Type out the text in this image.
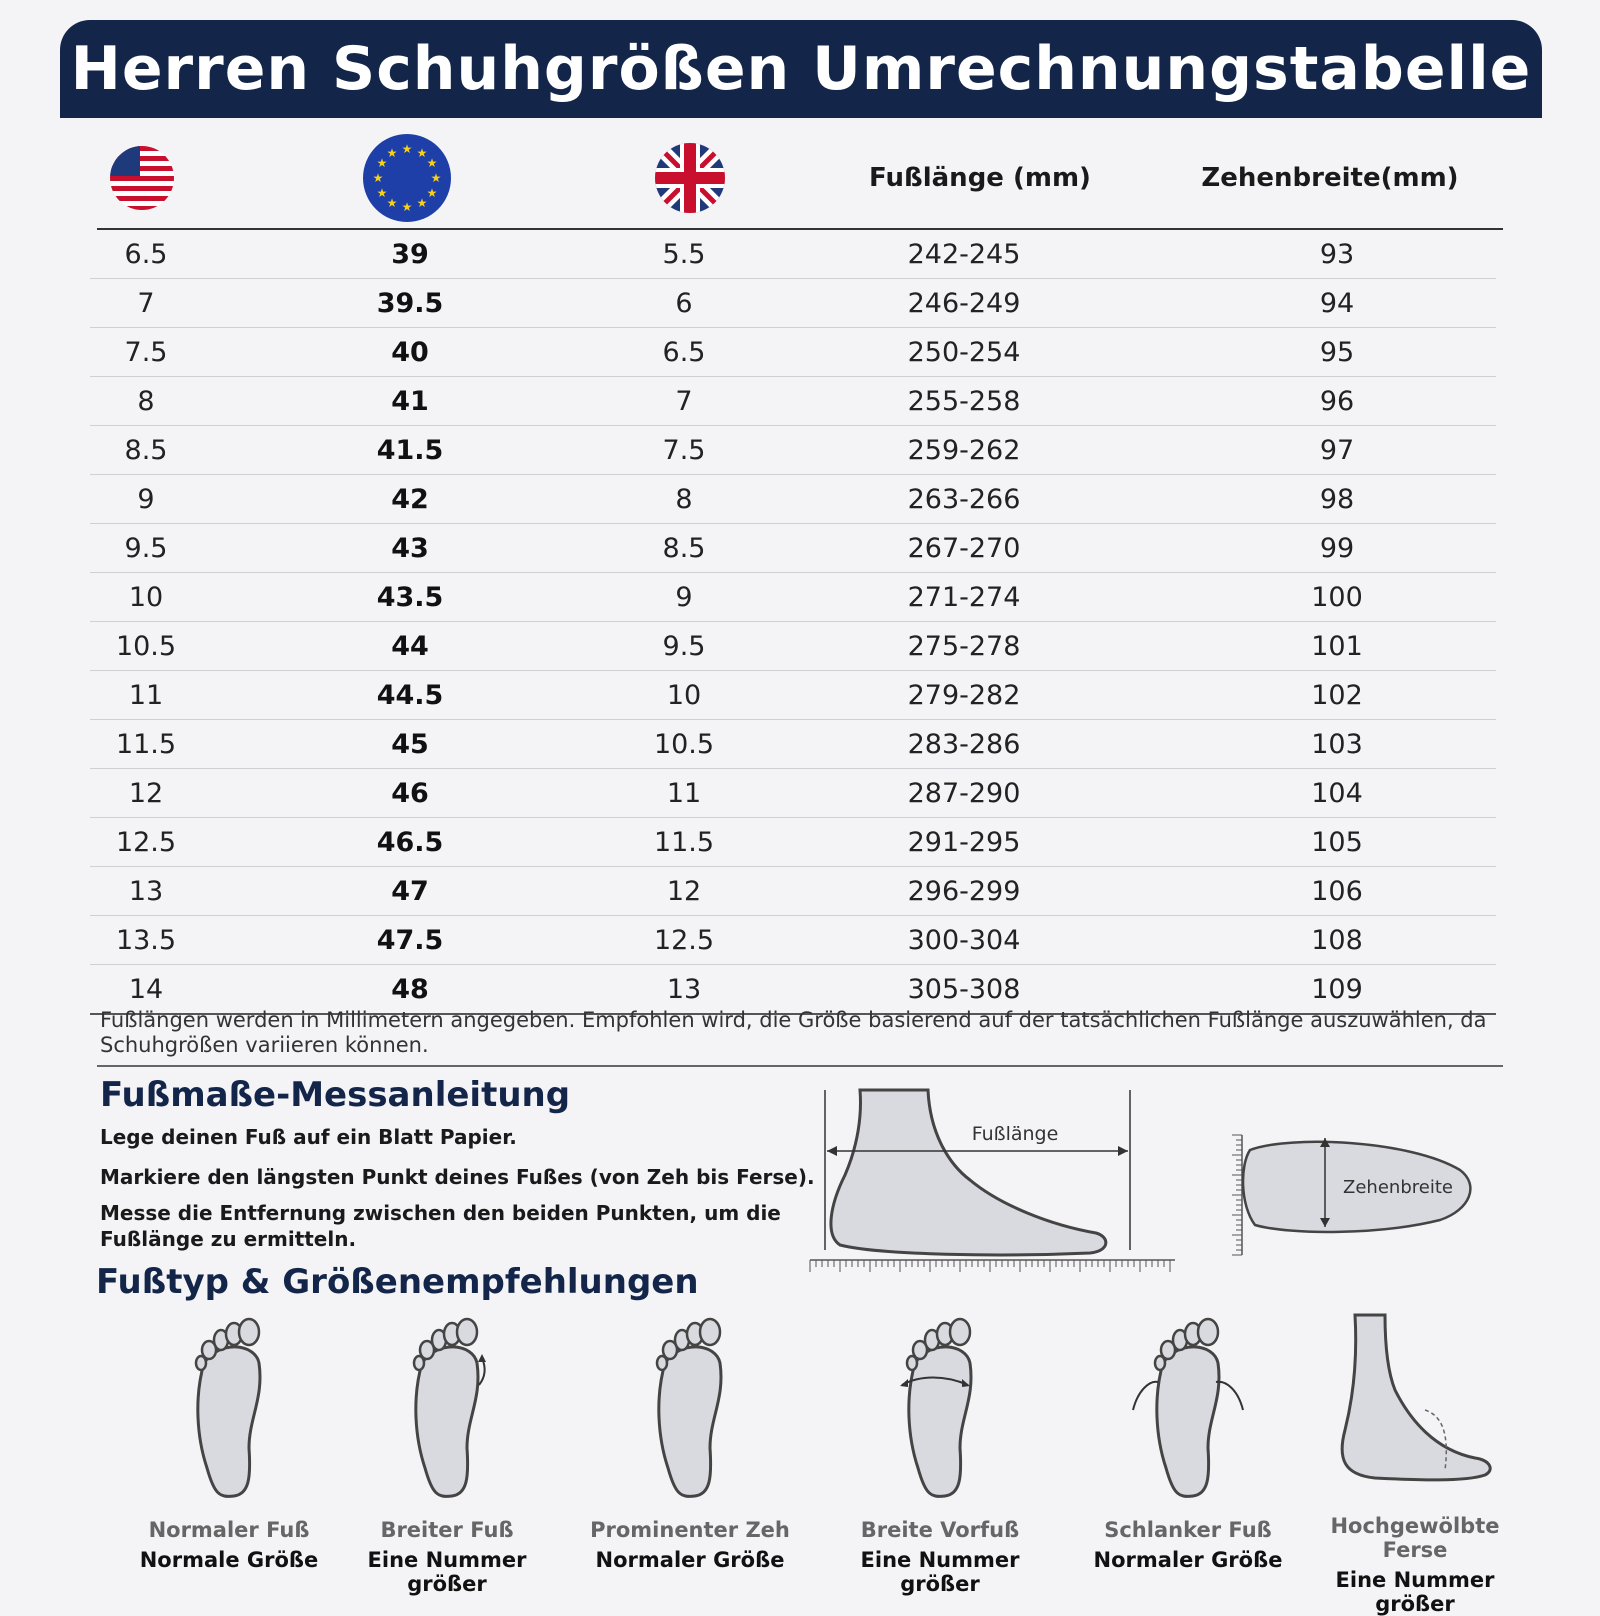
Herren Schuhgrößen Umrechnungstabelle
★ ★
★
★
★
★
★
★
★
★
★
★
Fußlänge (mm)	Zehenbreite(mm)
6.5	39	5.5	242-245	93
7	39.5	6	246-249	94
7.5	40	6.5	250-254	95
8	41	7	255-258	96
8.5	41.5	7.5	259-262	97
9	42	8	263-266	98
9.5	43	8.5	267-270	99
10	43.5	9	271-274	100
10.5	44	9.5	275-278	101
11	44.5	10	279-282	102
11.5	45	10.5	283-286	103
12	46	11	287-290	104
12.5	46.5	11.5	291-295	105
13	47	12	296-299	106
13.5	47.5	12.5	300-304	108
14	48	13	305-308	109
Fußlängen werden in Millimetern angegeben. Empfohlen wird, die Größe basierend auf der tatsächlichen Fußlänge auszuwählen, da Schuhgrößen variieren können.
Fußmaße-Messanleitung
Lege deinen Fuß auf ein Blatt Papier.
Markiere den längsten Punkt deines Fußes (von Zeh bis Ferse).
Messe die Entfernung zwischen den beiden Punkten, um die Fußlänge zu ermitteln.
Fußlänge
Zehenbreite
Fußtyp & Größenempfehlungen
Normaler Fuß
Normale Größe
Breiter Fuß
Eine Nummer größer
Prominenter Zeh
Normaler Größe
Breite Vorfuß
Eine Nummer größer
Schlanker Fuß
Normaler Größe
Hochgewölbte Ferse
Eine Nummer größer
